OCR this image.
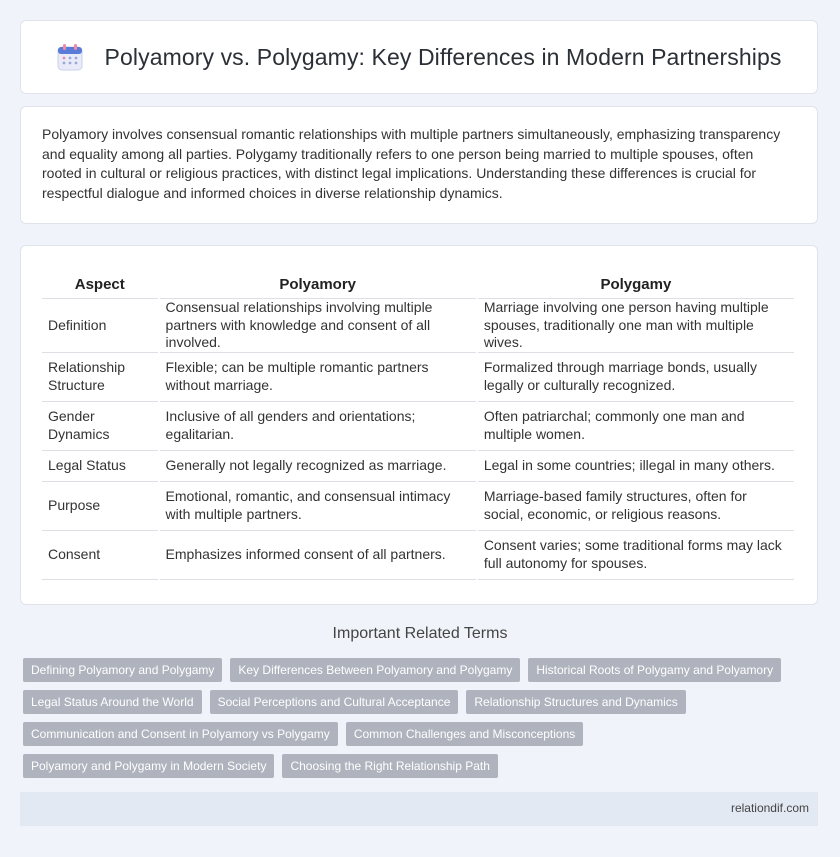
Polyamory vs. Polygamy: Key Differences in Modern Partnerships

Polyamory involves consensual romantic relationships with multiple partners simultaneously, emphasizing transparency and equality among all parties. Polygamy traditionally refers to one person being married to multiple spouses, often rooted in cultural or religious practices, with distinct legal implications. Understanding these differences is crucial for respectful dialogue and informed choices in diverse relationship dynamics.

Aspect	Polyamory	Polygamy
Definition	Consensual relationships involving multiple partners with knowledge and consent of all involved.	Marriage involving one person having multiple spouses, traditionally one man with multiple wives.
Relationship Structure	Flexible; can be multiple romantic partners without marriage.	Formalized through marriage bonds, usually legally or culturally recognized.
Gender Dynamics	Inclusive of all genders and orientations; egalitarian.	Often patriarchal; commonly one man and multiple women.
Legal Status	Generally not legally recognized as marriage.	Legal in some countries; illegal in many others.
Purpose	Emotional, romantic, and consensual intimacy with multiple partners.	Marriage-based family structures, often for social, economic, or religious reasons.
Consent	Emphasizes informed consent of all partners.	Consent varies; some traditional forms may lack full autonomy for spouses.
Important Related Terms
Defining Polyamory and Polygamy	Key Differences Between Polyamory and Polygamy	Historical Roots of Polygamy and Polyamory
Legal Status Around the World	Social Perceptions and Cultural Acceptance	Relationship Structures and Dynamics
Communication and Consent in Polyamory vs Polygamy	Common Challenges and Misconceptions
Polyamory and Polygamy in Modern Society	Choosing the Right Relationship Path
relationdif.com
